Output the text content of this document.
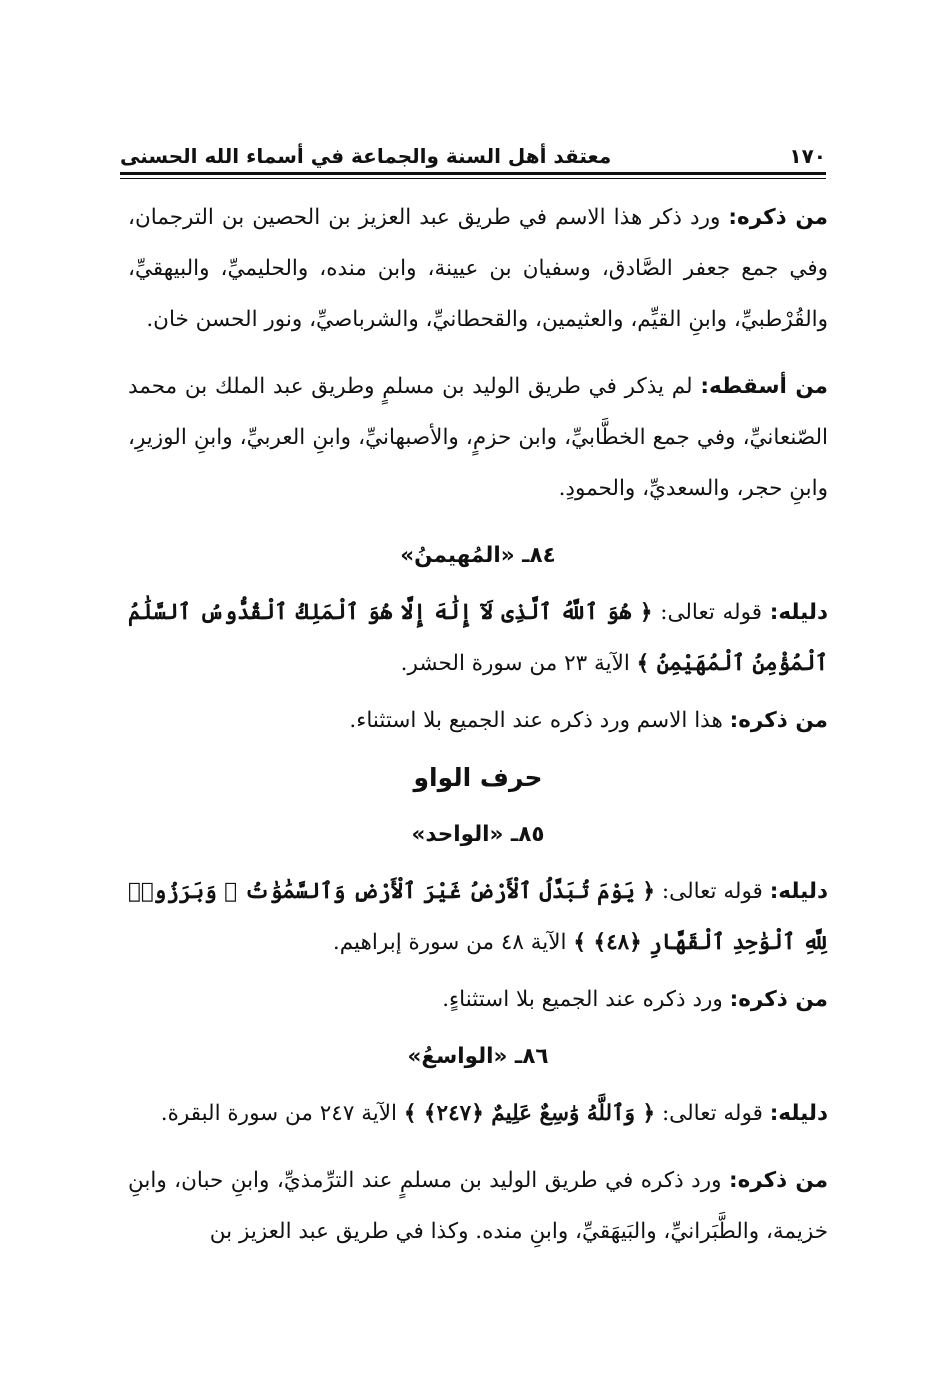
١٧٠
معتقد أهل السنة والجماعة في أسماء الله الحسنى

من ذكره: ورد ذكر هذا الاسم في طريق عبد العزيز بن الحصين بن الترجمان، وفي جمع جعفر الصَّادق، وسفيان بن عيينة، وابن منده، والحليميِّ، والبيهقيِّ، والقُرْطبيِّ، وابنِ القيِّم، والعثيمين، والقحطانيِّ، والشرباصيِّ، ونور الحسن خان.

من أسقطه: لم يذكر في طريق الوليد بن مسلمٍ وطريق عبد الملك بن محمد الصّنعانيِّ، وفي جمع الخطَّابيِّ، وابن حزمٍ، والأصبهانيِّ، وابنِ العربيِّ، وابنِ الوزيرِ، وابنِ حجر، والسعديِّ، والحمودِ.

٨٤ـ «المُهيمنُ»

دليله: قوله تعالى: ﴿ هُوَ ٱللَّهُ ٱلَّذِى لَآ إِلَٰهَ إِلَّا هُوَ ٱلْمَلِكُ ٱلْقُدُّوسُ ٱلسَّلَٰمُ ٱلْمُؤْمِنُ ٱلْمُهَيْمِنُ ﴾ الآية ٢٣ من سورة الحشر.

من ذكره: هذا الاسم ورد ذكره عند الجميع بلا استثناء.

حرف الواو

٨٥ـ «الواحد»

دليله: قوله تعالى: ﴿ يَوْمَ تُبَدَّلُ ٱلْأَرْضُ غَيْرَ ٱلْأَرْضِ وَٱلسَّمَٰوَٰتُ ۖ وَبَرَزُوا۟ لِلَّهِ ٱلْوَٰحِدِ ٱلْقَهَّارِ ﴿٤٨﴾ ﴾ الآية ٤٨ من سورة إبراهيم.

من ذكره: ورد ذكره عند الجميع بلا استثناءٍ.

٨٦ـ «الواسعُ»

دليله: قوله تعالى: ﴿ وَٱللَّهُ وَٰسِعٌ عَلِيمٌ ﴿٢٤٧﴾ ﴾ الآية ٢٤٧ من سورة البقرة.

من ذكره: ورد ذكره في طريق الوليد بن مسلمٍ عند الترِّمذيِّ، وابنِ حبان، وابنِ خزيمة، والطَّبَرانيِّ، والبَيهَقيِّ، وابنِ منده. وكذا في طريق عبد العزيز بن
